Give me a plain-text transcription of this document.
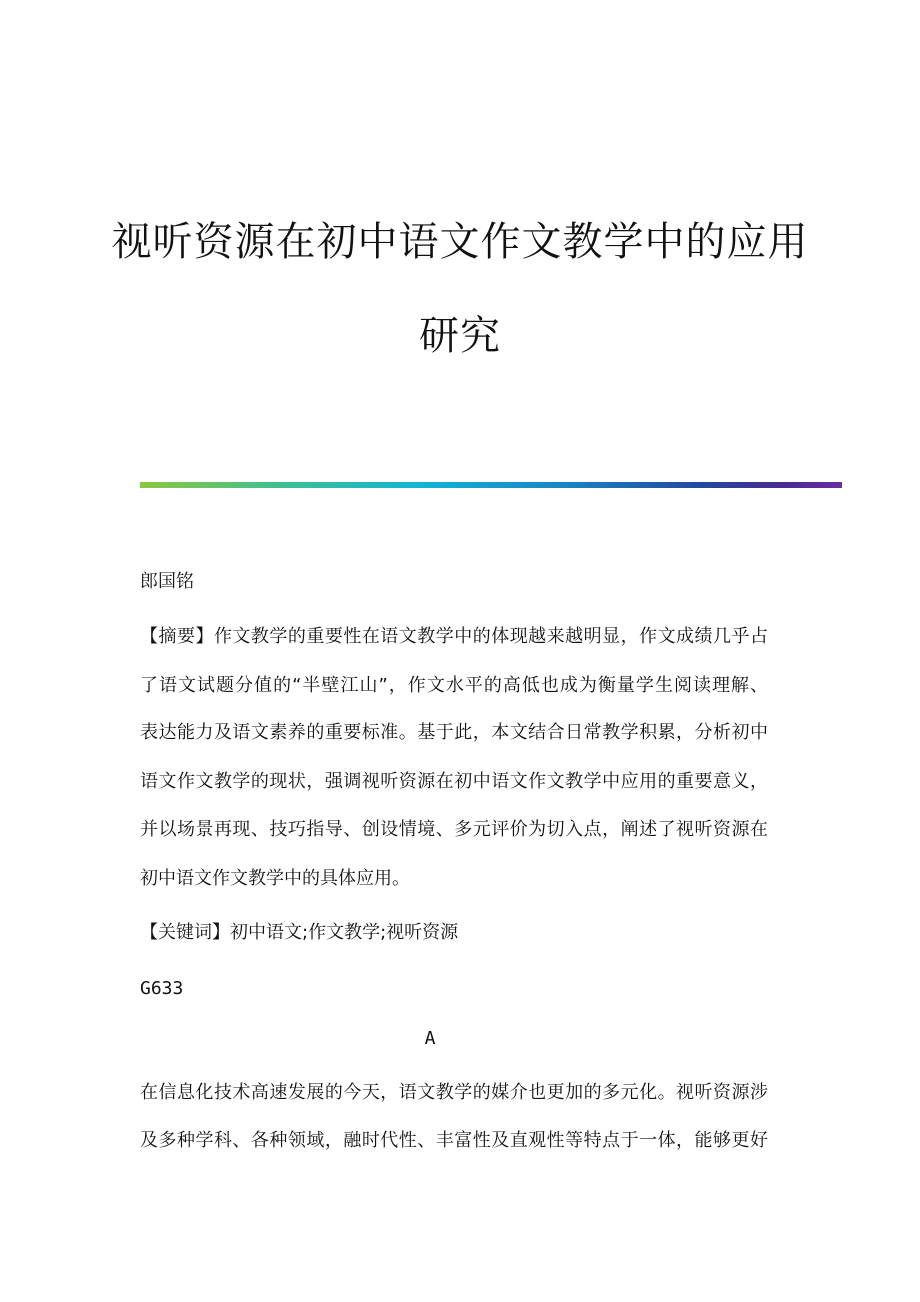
视听资源在初中语文作文教学中的应用
研究
郎国铭
【摘要】作文教学的重要性在语文教学中的体现越来越明显，作文成绩几乎占
了语文试题分值的“半壁江山”，作文水平的高低也成为衡量学生阅读理解、
表达能力及语文素养的重要标准。基于此，本文结合日常教学积累，分析初中
语文作文教学的现状，强调视听资源在初中语文作文教学中应用的重要意义，
并以场景再现、技巧指导、创设情境、多元评价为切入点，阐述了视听资源在
初中语文作文教学中的具体应用。
【关键词】初中语文;作文教学;视听资源
G633
A
在信息化技术高速发展的今天，语文教学的媒介也更加的多元化。视听资源涉
及多种学科、各种领域，融时代性、丰富性及直观性等特点于一体，能够更好
